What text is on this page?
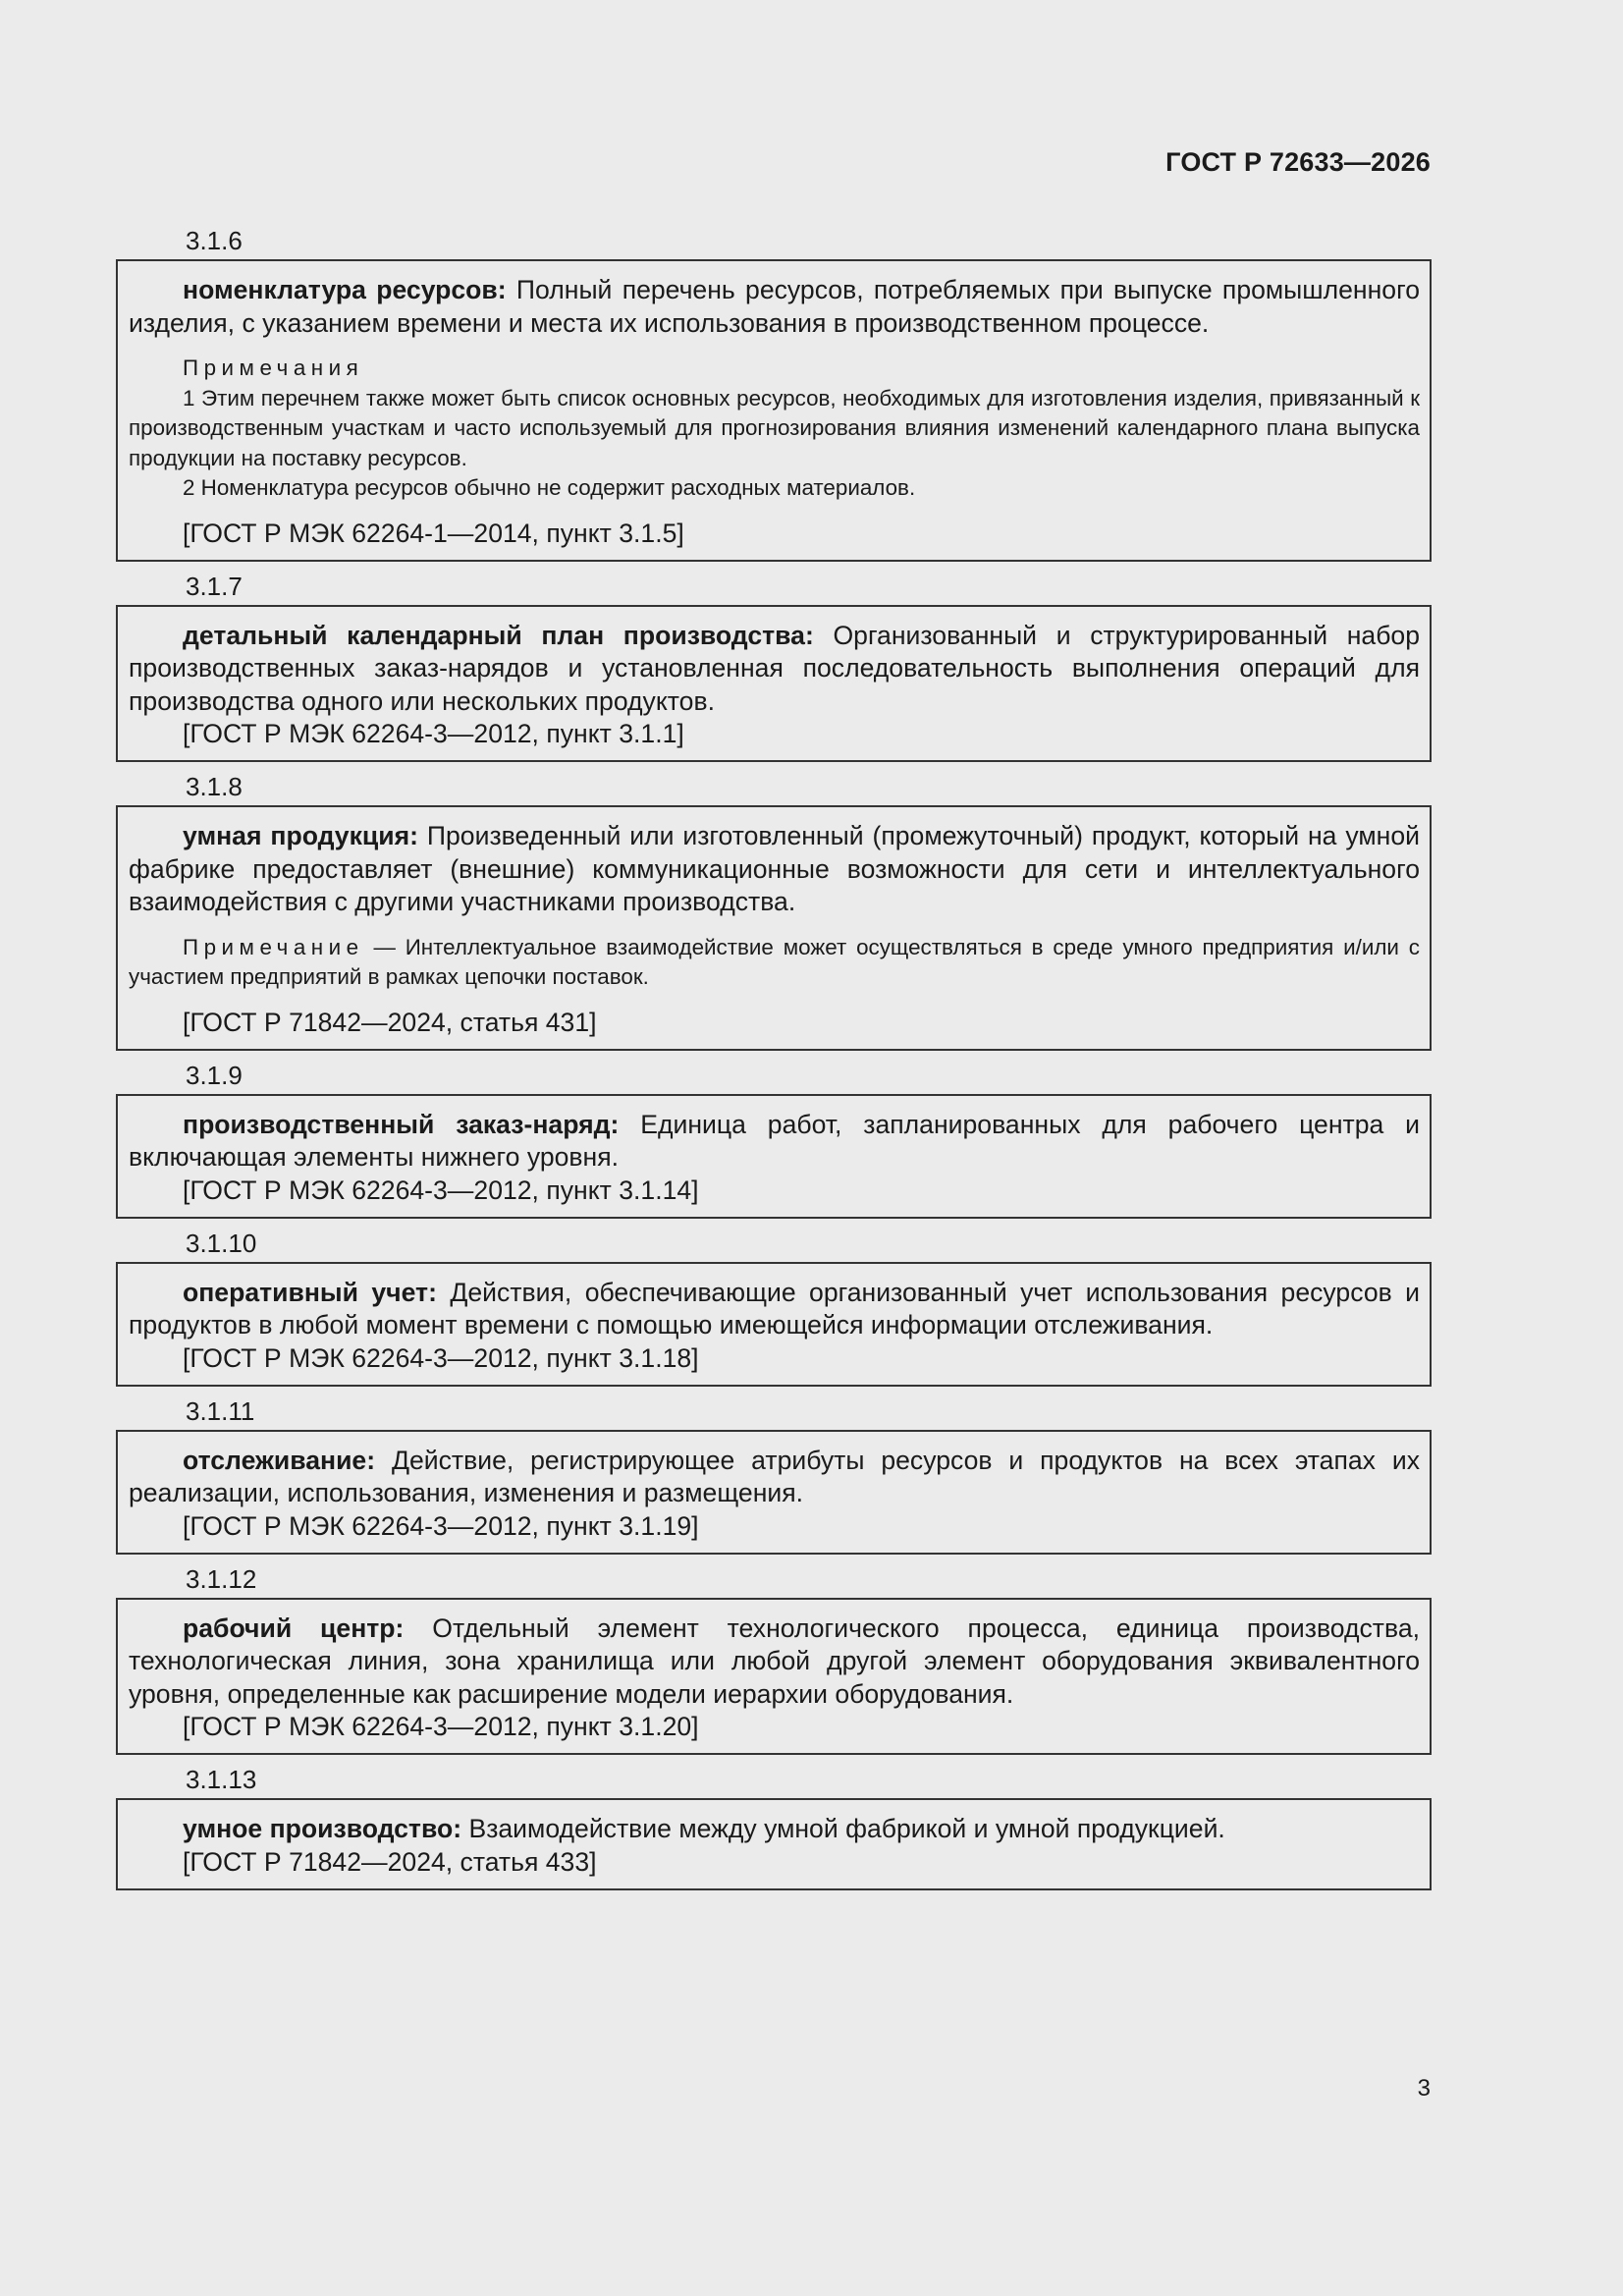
ГОСТ Р 72633—2026
3.1.6

номенклатура ресурсов: Полный перечень ресурсов, потребляемых при выпуске промышленного изделия, с указанием времени и места их использования в производственном процессе.

Примечания

1 Этим перечнем также может быть список основных ресурсов, необходимых для изготовления изделия, привязанный к производственным участкам и часто используемый для прогнозирования влияния изменений календарного плана выпуска продукции на поставку ресурсов.

2 Номенклатура ресурсов обычно не содержит расходных материалов.

[ГОСТ Р МЭК 62264-1—2014, пункт 3.1.5]
3.1.7

детальный календарный план производства: Организованный и структурированный набор производственных заказ-нарядов и установленная последовательность выполнения операций для производства одного или нескольких продуктов.

[ГОСТ Р МЭК 62264-3—2012, пункт 3.1.1]
3.1.8

умная продукция: Произведенный или изготовленный (промежуточный) продукт, который на умной фабрике предоставляет (внешние) коммуникационные возможности для сети и интеллектуального взаимодействия с другими участниками производства.

Примечание — Интеллектуальное взаимодействие может осуществляться в среде умного предприятия и/или с участием предприятий в рамках цепочки поставок.

[ГОСТ Р 71842—2024, статья 431]
3.1.9

производственный заказ-наряд: Единица работ, запланированных для рабочего центра и включающая элементы нижнего уровня.

[ГОСТ Р МЭК 62264-3—2012, пункт 3.1.14]
3.1.10

оперативный учет: Действия, обеспечивающие организованный учет использования ресурсов и продуктов в любой момент времени с помощью имеющейся информации отслеживания.

[ГОСТ Р МЭК 62264-3—2012, пункт 3.1.18]
3.1.11

отслеживание: Действие, регистрирующее атрибуты ресурсов и продуктов на всех этапах их реализации, использования, изменения и размещения.

[ГОСТ Р МЭК 62264-3—2012, пункт 3.1.19]
3.1.12

рабочий центр: Отдельный элемент технологического процесса, единица производства, технологическая линия, зона хранилища или любой другой элемент оборудования эквивалентного уровня, определенные как расширение модели иерархии оборудования.

[ГОСТ Р МЭК 62264-3—2012, пункт 3.1.20]
3.1.13

умное производство: Взаимодействие между умной фабрикой и умной продукцией.

[ГОСТ Р 71842—2024, статья 433]
3
